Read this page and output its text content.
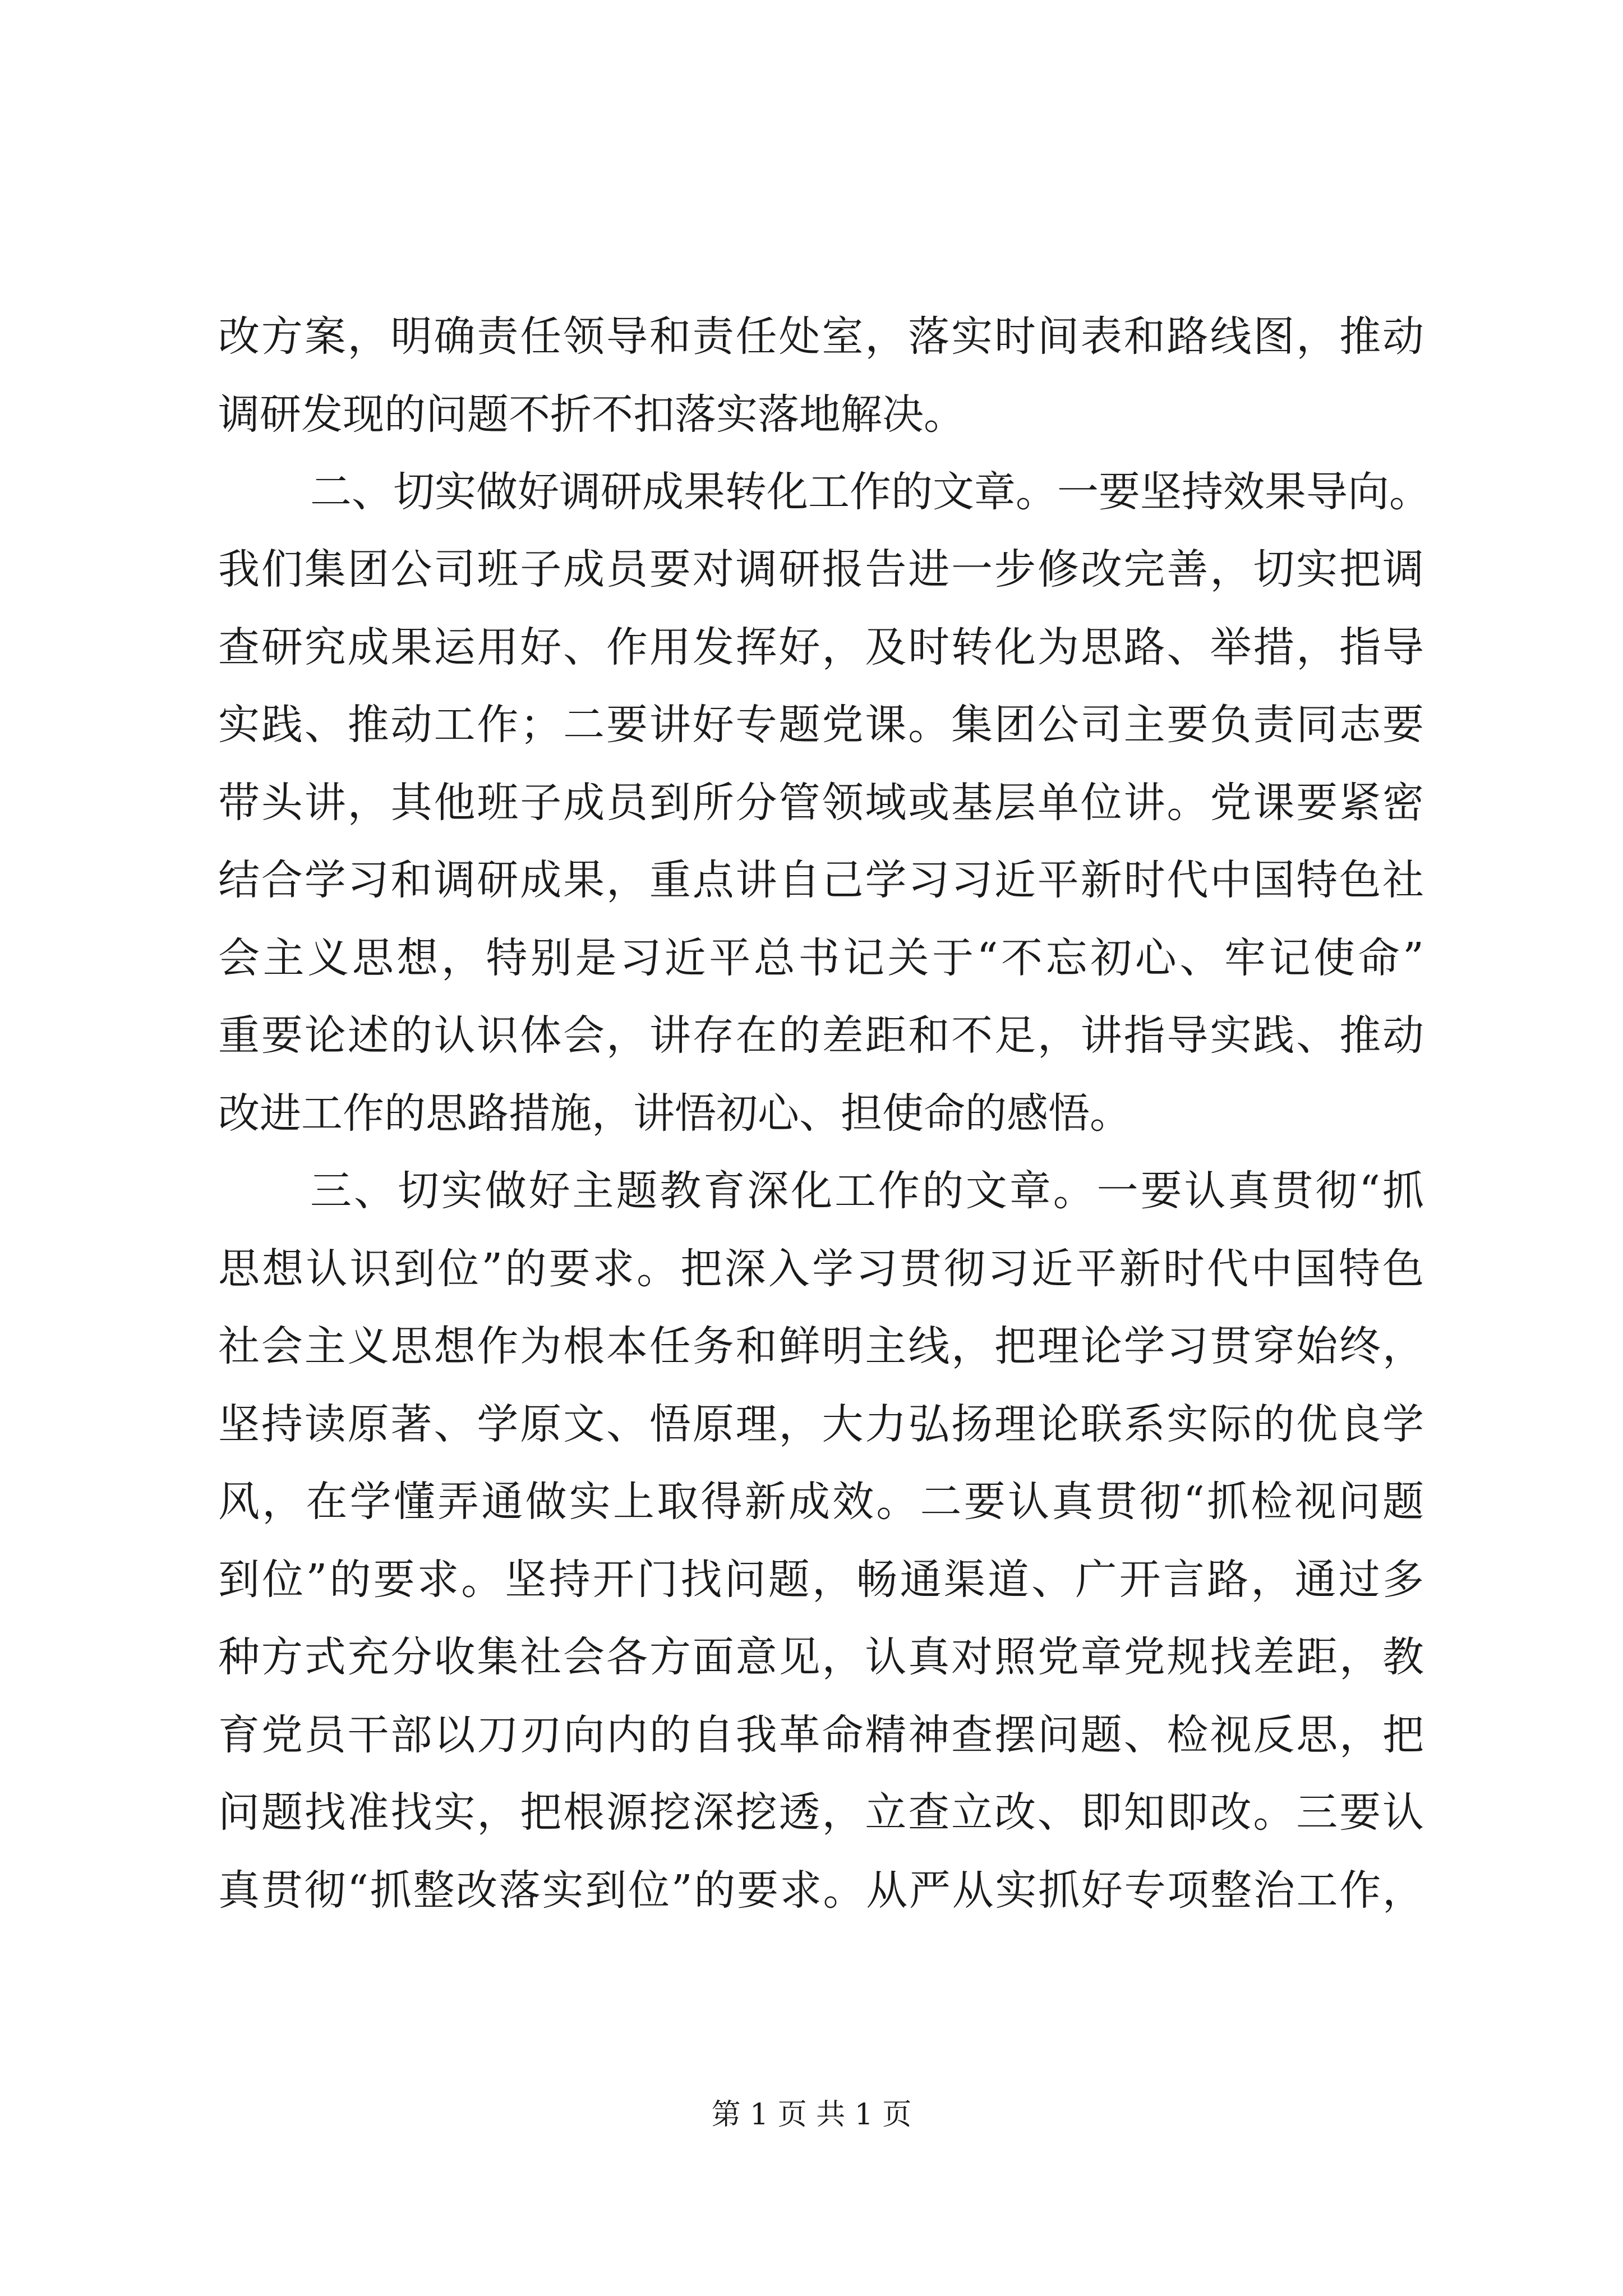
改方案，明确责任领导和责任处室，落实时间表和路线图，推动
调研发现的问题不折不扣落实落地解决。
二、切实做好调研成果转化工作的文章。一要坚持效果导向。
我们集团公司班子成员要对调研报告进一步修改完善，切实把调
查研究成果运用好、作用发挥好，及时转化为思路、举措，指导
实践、推动工作；二要讲好专题党课。集团公司主要负责同志要
带头讲，其他班子成员到所分管领域或基层单位讲。党课要紧密
结合学习和调研成果，重点讲自己学习习近平新时代中国特色社
会主义思想，特别是习近平总书记关于“不忘初心、牢记使命”
重要论述的认识体会，讲存在的差距和不足，讲指导实践、推动
改进工作的思路措施，讲悟初心、担使命的感悟。
三、切实做好主题教育深化工作的文章。一要认真贯彻“抓
思想认识到位”的要求。把深入学习贯彻习近平新时代中国特色
社会主义思想作为根本任务和鲜明主线，把理论学习贯穿始终，
坚持读原著、学原文、悟原理，大力弘扬理论联系实际的优良学
风，在学懂弄通做实上取得新成效。二要认真贯彻“抓检视问题
到位”的要求。坚持开门找问题，畅通渠道、广开言路，通过多
种方式充分收集社会各方面意见，认真对照党章党规找差距，教
育党员干部以刀刃向内的自我革命精神查摆问题、检视反思，把
问题找准找实，把根源挖深挖透，立查立改、即知即改。三要认
真贯彻“抓整改落实到位”的要求。从严从实抓好专项整治工作，
第 1 页 共 1 页
